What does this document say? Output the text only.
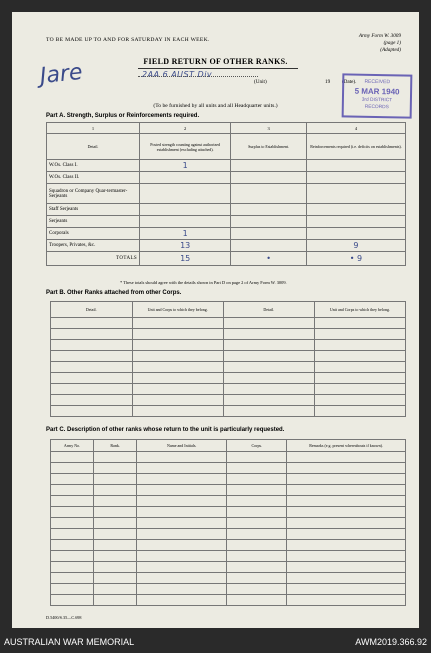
TO BE MADE UP TO AND FOR SATURDAY IN EACH WEEK.
Army Form W. 3009
(page 1)
(Adapted)
Jare	FIELD RETURN OF OTHER RANKS.
2AA 6 AUST Div
(Unit)	19 (Date).	RECEIVED
5 MAR 1940
3rd DISTRICT
RECORDS
(To be furnished by all units and all Headquarter units.)
Part A. Strength, Surplus or Reinforcements required.
1	2	3	4
Detail.	Posted strength counting against authorized establishment (excluding attached).	Surplus to Establishment.	Reinforcements required (i.e. deficits on establishments).
W.Os. Class I.	1		
W.Os. Class II.			
Squadron or Company Quar-termaster-Serjeants			
Staff Serjeants			
Serjeants			
Corporals	1		
Troopers, Privates, &c.	13		9
TOTALS	15	•	• 9
* These totals should agree with the details shown in Part D on page 2 of Army Form W. 3009.
Part B. Other Ranks attached from other Corps.
Detail.	Unit and Corps to which they belong.	Detail.	Unit and Corps to which they belong.

Part C. Description of other ranks whose return to the unit is particularly requested.
Army No.	Rank.	Name and Initials.	Corps.	Remarks (e.g. present whereabouts if known).

D.5400/S.35—C.698
AUSTRALIAN WAR MEMORIAL	AWM2019.366.92
